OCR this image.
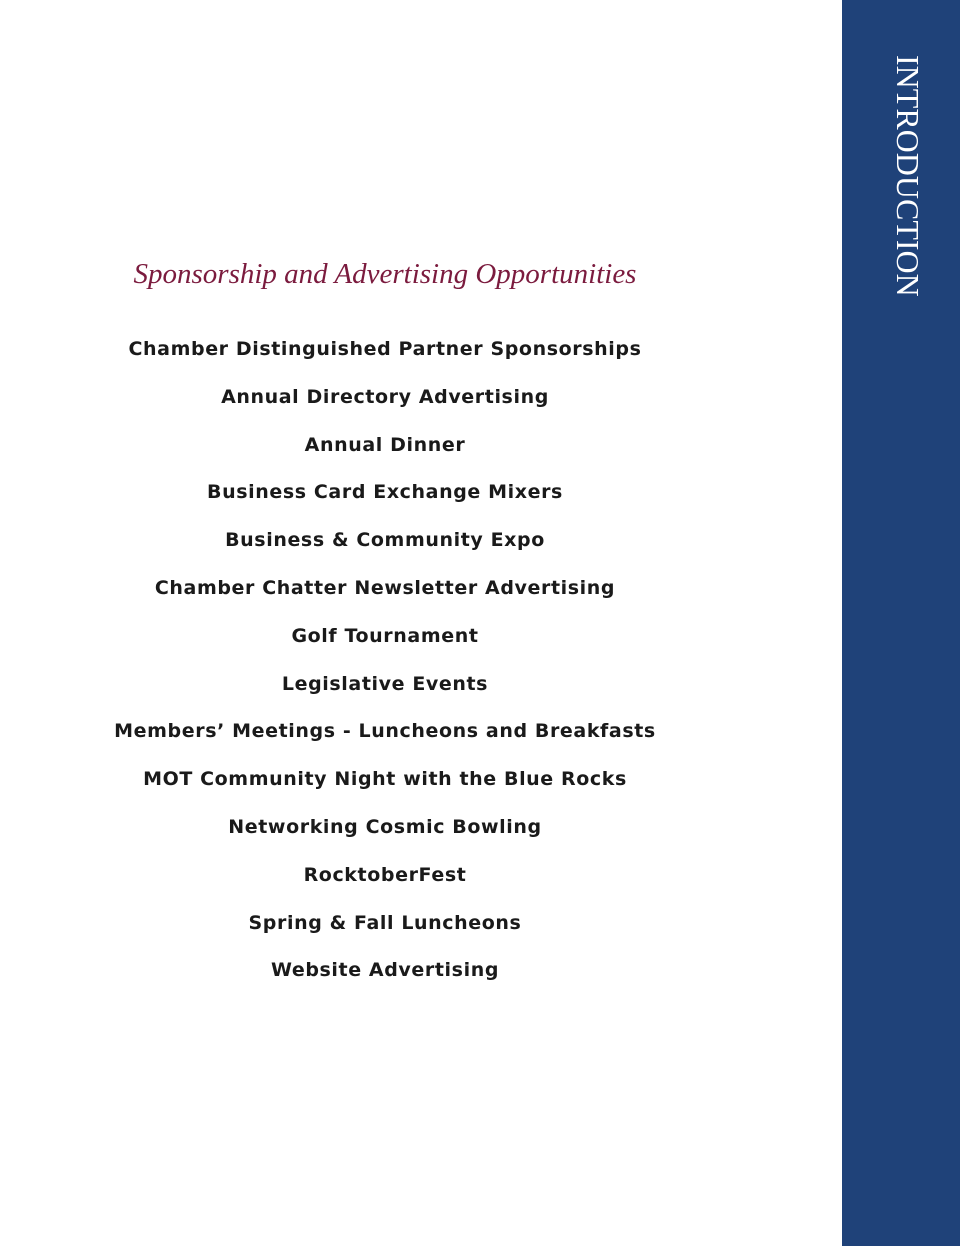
INTRODUCTION
Sponsorship and Advertising Opportunities
Chamber Distinguished Partner Sponsorships
Annual Directory Advertising
Annual Dinner
Business Card Exchange Mixers
Business & Community Expo
Chamber Chatter Newsletter Advertising
Golf Tournament
Legislative Events
Members’ Meetings - Luncheons and Breakfasts
MOT Community Night with the Blue Rocks
Networking Cosmic Bowling
RocktoberFest
Spring & Fall Luncheons
Website Advertising
